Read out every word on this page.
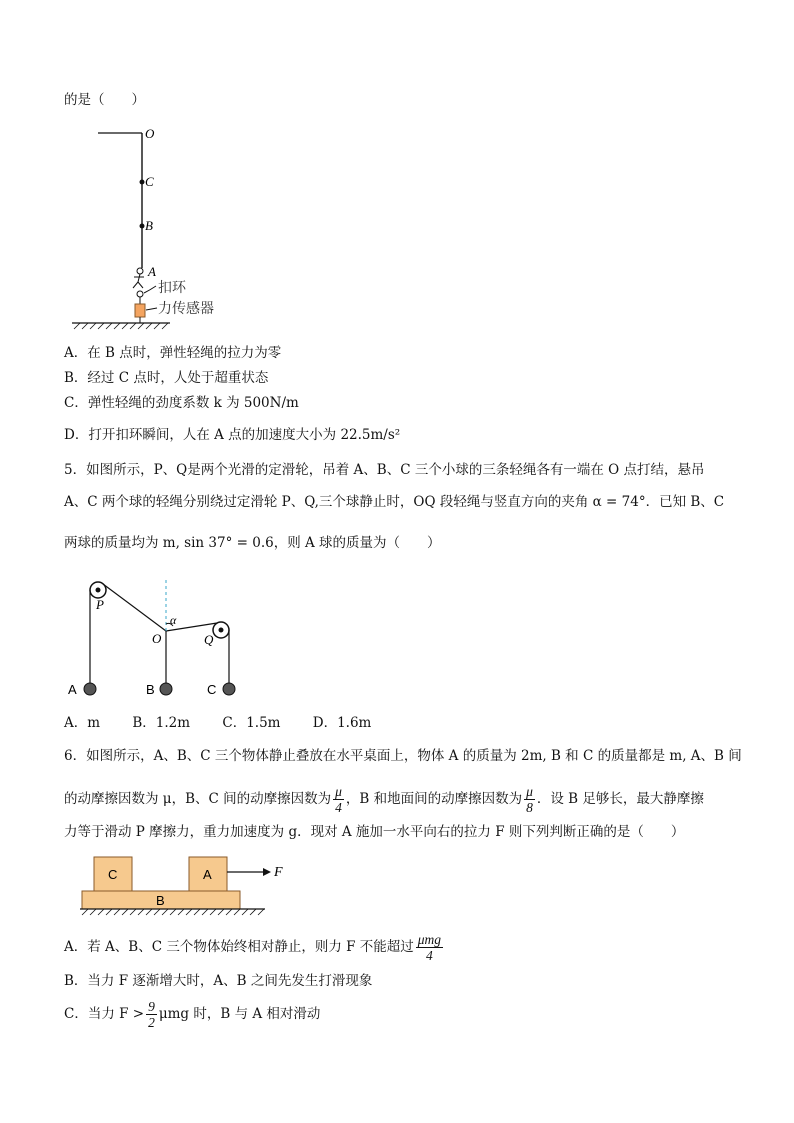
的是（　　）
O
C
B
A
扣环
力传感器
A．在 B 点时，弹性轻绳的拉力为零
B．经过 C 点时，人处于超重状态
C．弹性轻绳的劲度系数 k 为 500N/m
D．打开扣环瞬间，人在 A 点的加速度大小为 22.5m/s²
5．如图所示，P、Q是两个光滑的定滑轮，吊着 A、B、C 三个小球的三条轻绳各有一端在 O 点打结，悬吊
A、C 两个球的轻绳分别绕过定滑轮 P、Q,三个球静止时，OQ 段轻绳与竖直方向的夹角 α = 74°．已知 B、C
两球的质量均为 m, sin 37° = 0.6，则 A 球的质量为（　　）
P
Q
O
α
A	B	C
A．m B．1.2m C．1.5m D．1.6m
6．如图所示，A、B、C 三个物体静止叠放在水平桌面上，物体 A 的质量为 2m, B 和 C 的质量都是 m, A、B 间
的动摩擦因数为 μ，B、C 间的动摩擦因数为 $\frac{\mu}{4}$ ，B 和地面间的动摩擦因数为 $\frac{\mu}{8}$ ．设 B 足够长，最大静摩擦
力等于滑动 P 摩擦力，重力加速度为 g．现对 A 施加一水平向右的拉力 F 则下列判断正确的是（　　）
C	A
B
F
A．若 A、B、C 三个物体始终相对静止，则力 F 不能超过 $\frac{\text{μmg}}{4}$
B．当力 F 逐渐增大时，A、B 之间先发生打滑现象
C．当力 $F > \frac{9}{2}$ μmg 时，B 与 A 相对滑动
